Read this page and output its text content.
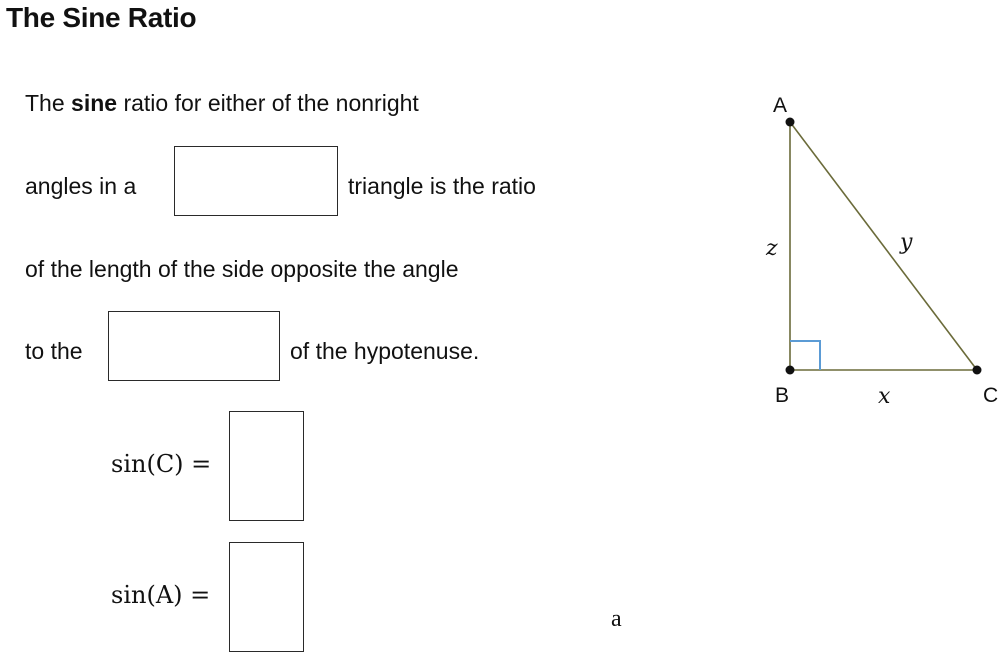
The Sine Ratio
The sine ratio for either of the nonright
angles in a	triangle is the ratio
of the length of the side opposite the angle
to the	of the hypotenuse.
sin(C) =
sin(A) =
a
A
B	C
z	y
x
